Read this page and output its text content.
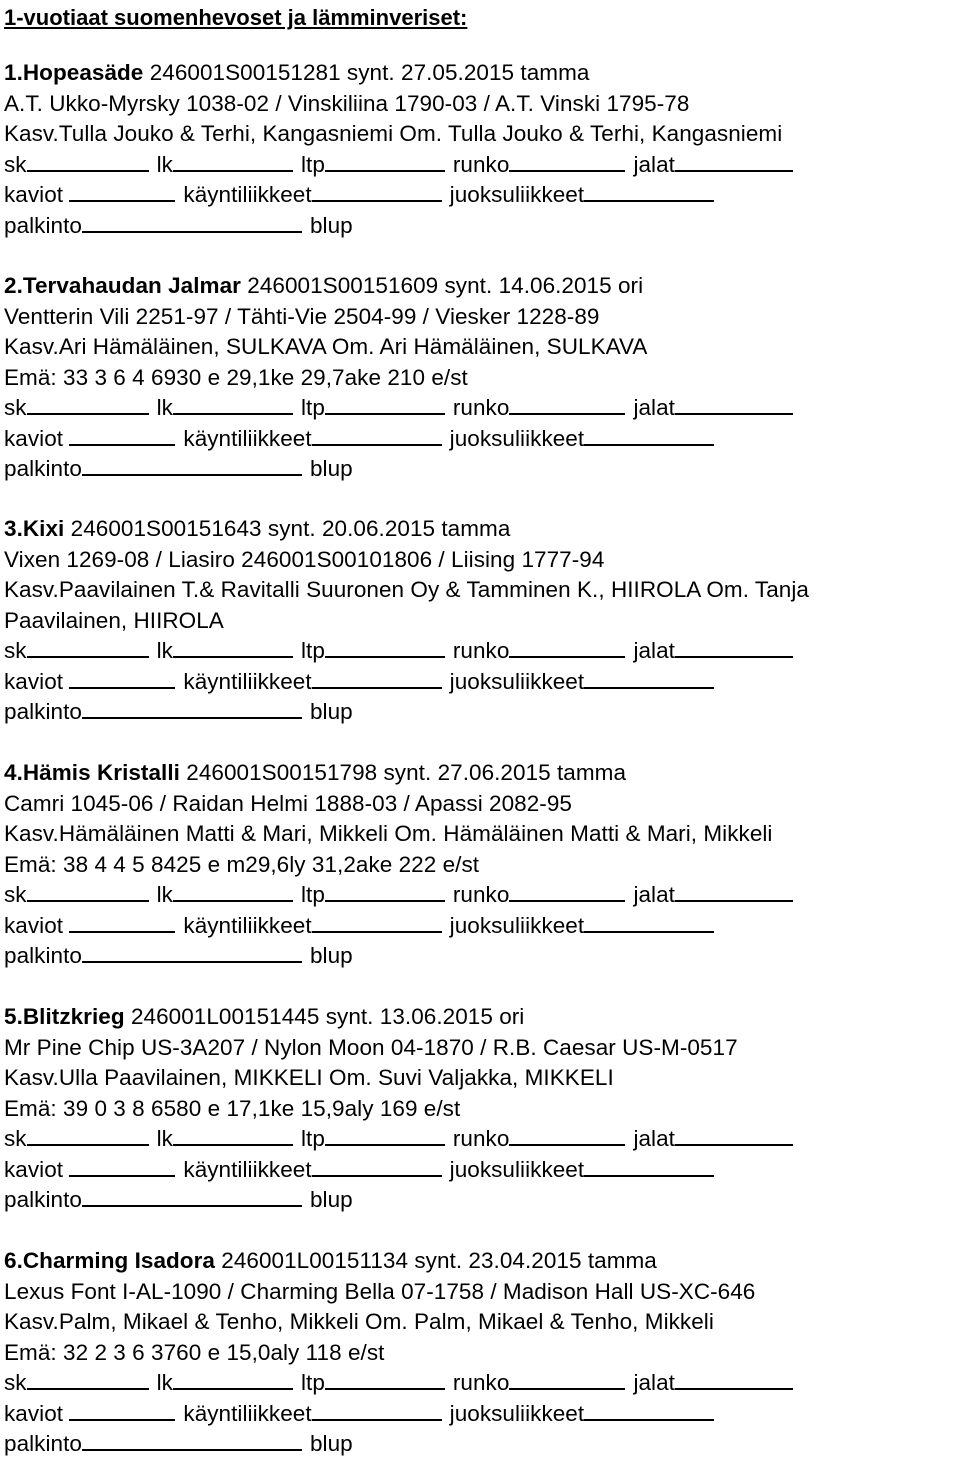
1-vuotiaat suomenhevoset ja lämminveriset:
1.Hopeasäde 246001S00151281 synt. 27.05.2015 tamma
A.T. Ukko-Myrsky 1038-02 / Vinskiliina 1790-03 / A.T. Vinski 1795-78
Kasv.Tulla Jouko & Terhi, Kangasniemi Om. Tulla Jouko & Terhi, Kangasniemi
sk	lk	ltp	runko	jalat
kaviot	käyntiliikkeet	juoksuliikkeet
palkinto	blup
2.Tervahaudan Jalmar 246001S00151609 synt. 14.06.2015 ori
Ventterin Vili 2251-97 / Tähti-Vie 2504-99 / Viesker 1228-89
Kasv.Ari Hämäläinen, SULKAVA Om. Ari Hämäläinen, SULKAVA
Emä: 33 3 6 4 6930 e 29,1ke 29,7ake 210 e/st
sk	lk	ltp	runko	jalat
kaviot	käyntiliikkeet	juoksuliikkeet
palkinto	blup
3.Kixi 246001S00151643 synt. 20.06.2015 tamma
Vixen 1269-08 / Liasiro 246001S00101806 / Liising 1777-94
Kasv.Paavilainen T.& Ravitalli Suuronen Oy & Tamminen K., HIIROLA Om. Tanja
Paavilainen, HIIROLA
sk	lk	ltp	runko	jalat
kaviot	käyntiliikkeet	juoksuliikkeet
palkinto	blup
4.Hämis Kristalli 246001S00151798 synt. 27.06.2015 tamma
Camri 1045-06 / Raidan Helmi 1888-03 / Apassi 2082-95
Kasv.Hämäläinen Matti & Mari, Mikkeli Om. Hämäläinen Matti & Mari, Mikkeli
Emä: 38 4 4 5 8425 e m29,6ly 31,2ake 222 e/st
sk	lk	ltp	runko	jalat
kaviot	käyntiliikkeet	juoksuliikkeet
palkinto	blup
5.Blitzkrieg 246001L00151445 synt. 13.06.2015 ori
Mr Pine Chip US-3A207 / Nylon Moon 04-1870 / R.B. Caesar US-M-0517
Kasv.Ulla Paavilainen, MIKKELI Om. Suvi Valjakka, MIKKELI
Emä: 39 0 3 8 6580 e 17,1ke 15,9aly 169 e/st
sk	lk	ltp	runko	jalat
kaviot	käyntiliikkeet	juoksuliikkeet
palkinto	blup
6.Charming Isadora 246001L00151134 synt. 23.04.2015 tamma
Lexus Font I-AL-1090 / Charming Bella 07-1758 / Madison Hall US-XC-646
Kasv.Palm, Mikael & Tenho, Mikkeli Om. Palm, Mikael & Tenho, Mikkeli
Emä: 32 2 3 6 3760 e 15,0aly 118 e/st
sk	lk	ltp	runko	jalat
kaviot	käyntiliikkeet	juoksuliikkeet
palkinto	blup
